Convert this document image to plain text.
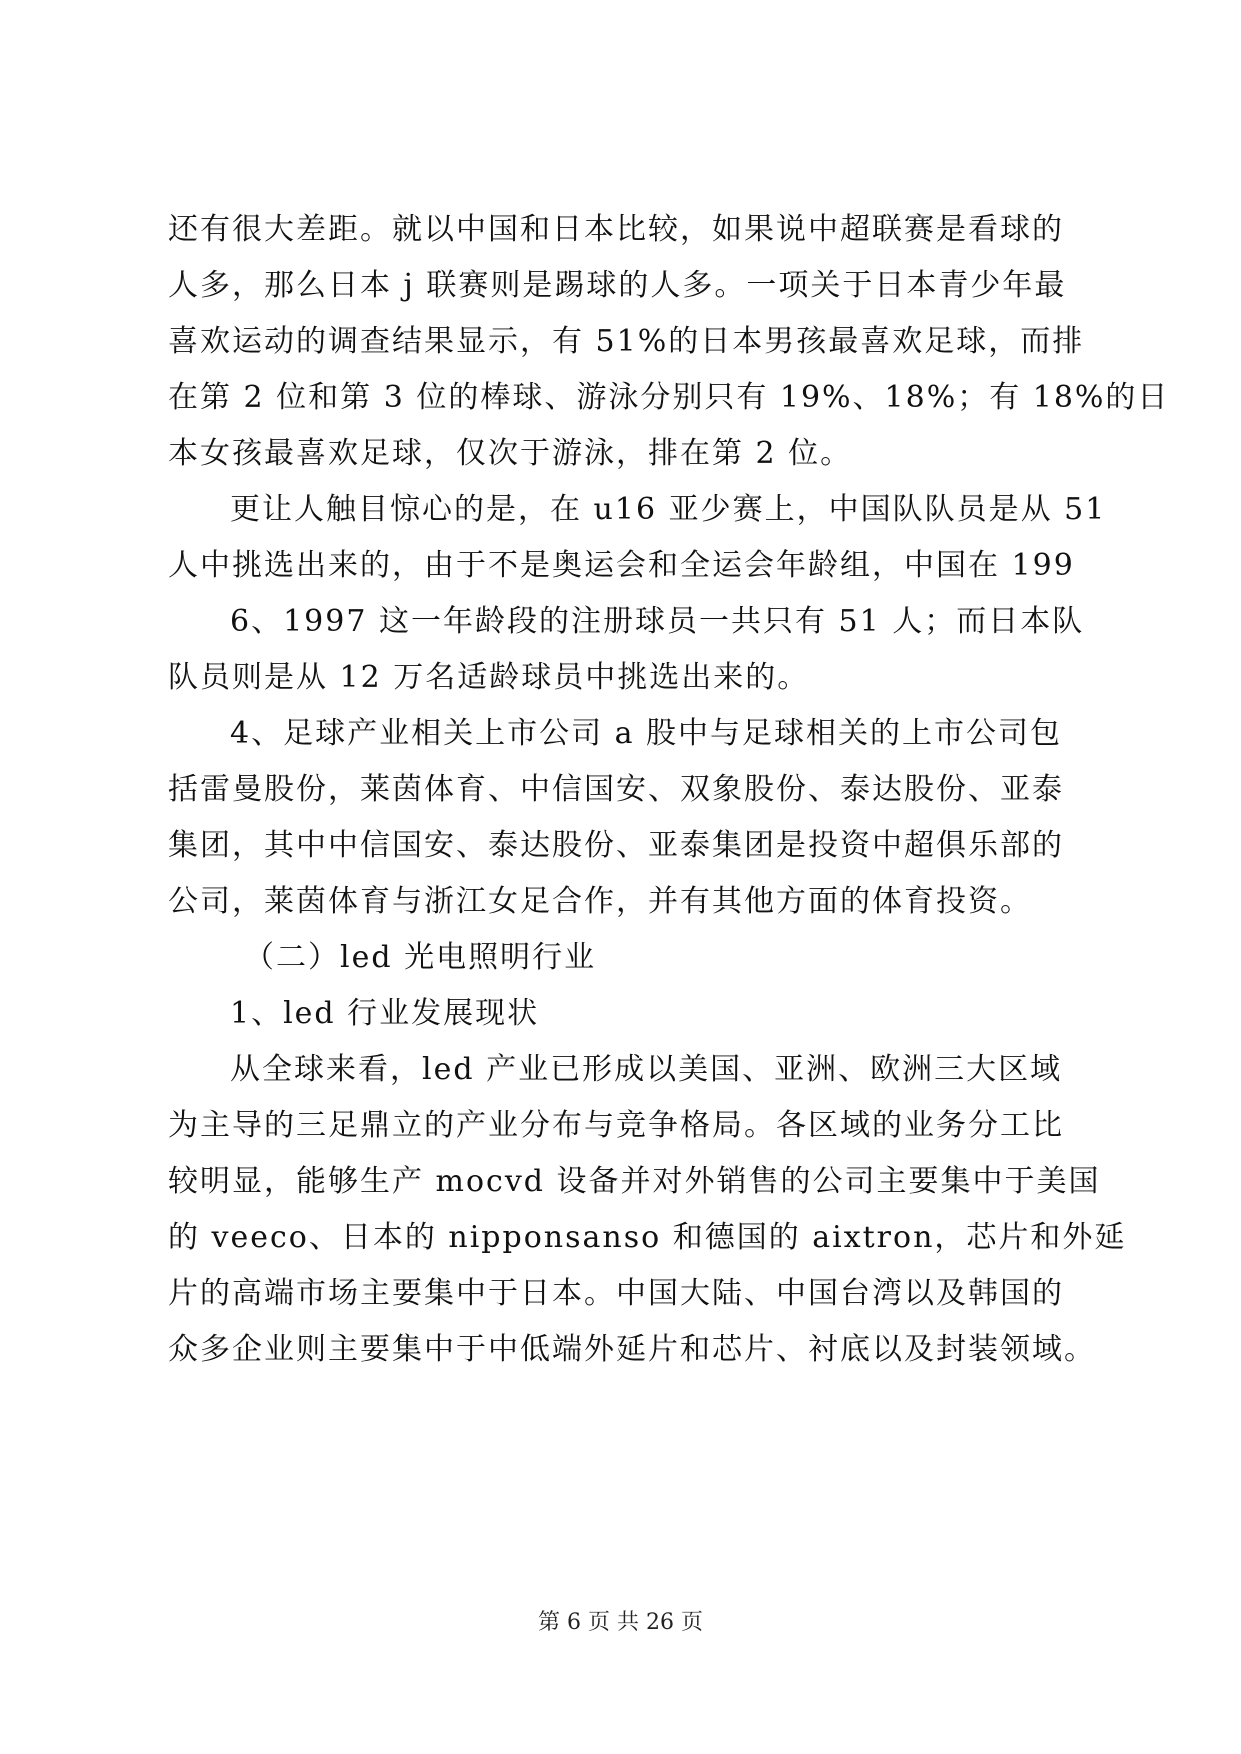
还有很大差距。就以中国和日本比较，如果说中超联赛是看球的
人多，那么日本 j 联赛则是踢球的人多。一项关于日本青少年最
喜欢运动的调查结果显示，有 51%的日本男孩最喜欢足球，而排
在第 2 位和第 3 位的棒球、游泳分别只有 19%、18%；有 18%的日
本女孩最喜欢足球，仅次于游泳，排在第 2 位。
更让人触目惊心的是，在 u16 亚少赛上，中国队队员是从 51
人中挑选出来的，由于不是奥运会和全运会年龄组，中国在 199
6、1997 这一年龄段的注册球员一共只有 51 人；而日本队
队员则是从 12 万名适龄球员中挑选出来的。
4、足球产业相关上市公司 a 股中与足球相关的上市公司包
括雷曼股份，莱茵体育、中信国安、双象股份、泰达股份、亚泰
集团，其中中信国安、泰达股份、亚泰集团是投资中超俱乐部的
公司，莱茵体育与浙江女足合作，并有其他方面的体育投资。
（二）led 光电照明行业
1、led 行业发展现状
从全球来看，led 产业已形成以美国、亚洲、欧洲三大区域
为主导的三足鼎立的产业分布与竞争格局。各区域的业务分工比
较明显，能够生产 mocvd 设备并对外销售的公司主要集中于美国
的 veeco、日本的 nipponsanso 和德国的 aixtron，芯片和外延
片的高端市场主要集中于日本。中国大陆、中国台湾以及韩国的
众多企业则主要集中于中低端外延片和芯片、衬底以及封装领域。
第 6 页 共 26 页
